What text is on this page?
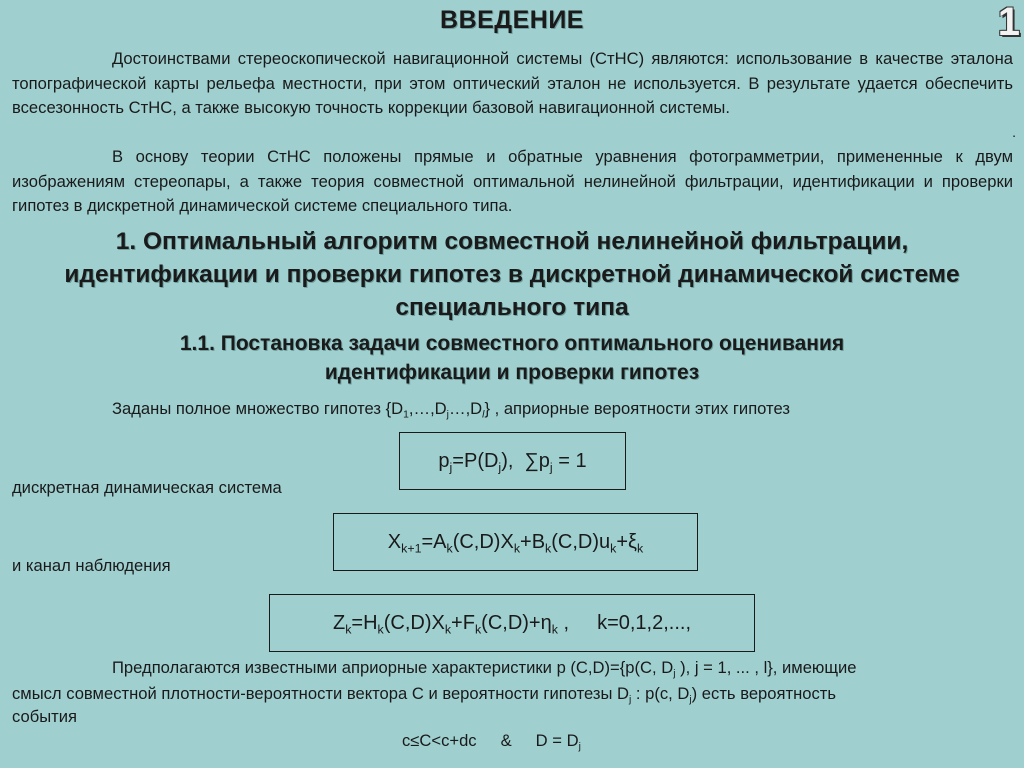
ВВЕДЕНИЕ	1
Достоинствами стереоскопической навигационной системы (СтНС) являются: использование в качестве эталона топографической карты рельефа местности, при этом оптический эталон не используется. В результате удается обеспечить всесезонность СтНС, а также высокую точность коррекции базовой навигационной системы.
.
В основу теории СтНС положены прямые и обратные уравнения фотограмметрии, примененные к двум изображениям стереопары, а также теория совместной оптимальной нелинейной фильтрации, идентификации и проверки гипотез в дискретной динамической системе специального типа.
1. Оптимальный алгоритм совместной нелинейной фильтрации, идентификации и проверки гипотез в дискретной динамической системе специального типа
1.1. Постановка задачи совместного оптимального оценивания идентификации и проверки гипотез
Заданы полное множество гипотез $\{D_1,\dots,D_j\dots,D_l\}$ , априорные вероятности этих гипотез
$p_j=P(D_j)$,  $\sum p_j = 1$
дискретная динамическая система
$X_{k+1}=A_k(C,D)X_k+B_k(C,D)u_k+\xi_k$
и канал наблюдения
$Z_k=H_k(C,D)X_k+F_k(C,D)+\eta_k$ , k=0,1,2,...,
Предполагаются известными априорные характеристики p (C,D)={p(C, $D_j$ ), j = 1, ... , l}, имеющие
смысл совместной плотности-вероятности вектора C и вероятности гипотезы $D_j$ : p(c, $D_j$) есть вероятность
события
c≤C<c+dc & $D = D_j$
